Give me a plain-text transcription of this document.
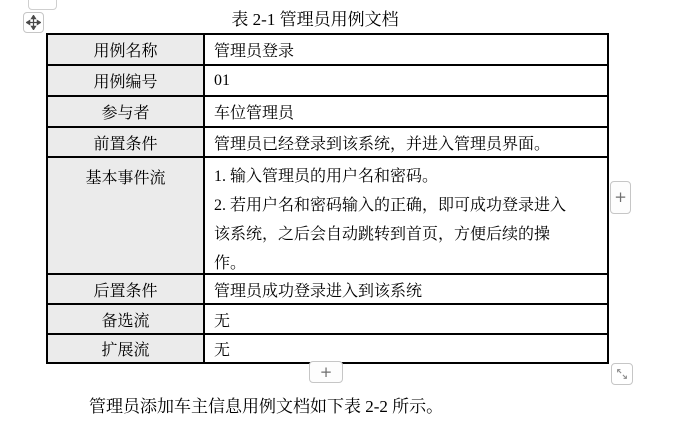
表 2-1 管理员用例文档
用例名称	管理员登录
用例编号	01
参与者	车位管理员
前置条件	管理员已经登录到该系统，并进入管理员界面。
基本事件流	1. 输入管理员的用户名和密码。
2. 若用户名和密码输入的正确，即可成功登录进入
该系统，之后会自动跳转到首页，方便后续的操
作。
后置条件	管理员成功登录进入到该系统
备选流	无
扩展流	无
+
+
管理员添加车主信息用例文档如下表 2-2 所示。
